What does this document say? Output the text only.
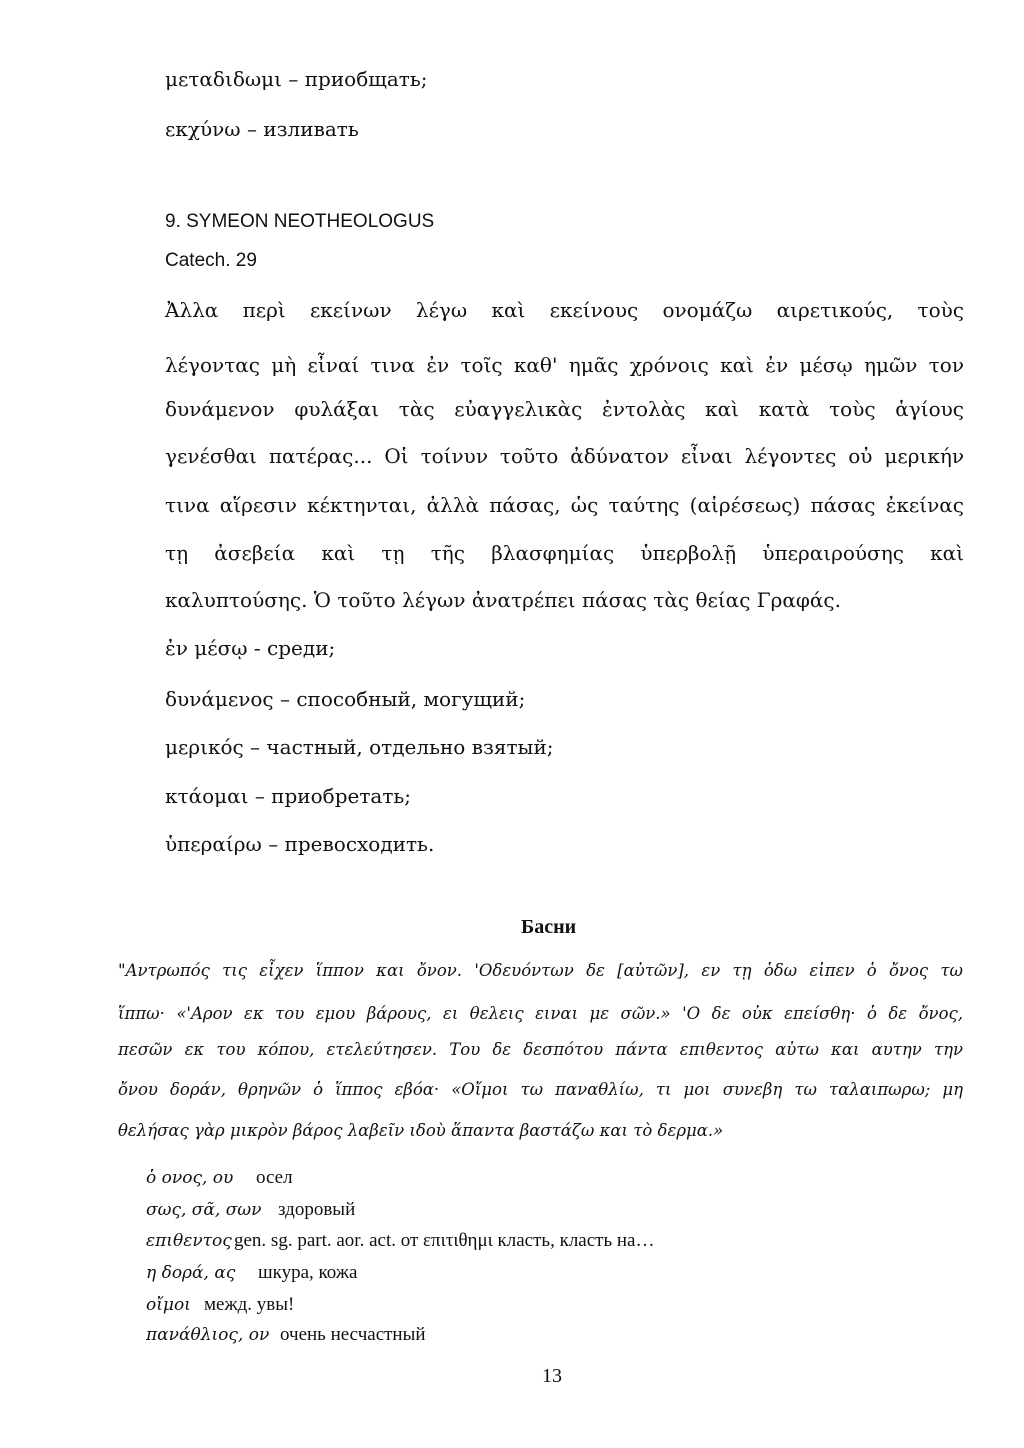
μεταδιδωμι – приобщать;
εκχύνω – изливать
9. SYMEON NEOTHEOLOGUS
Catech. 29
Ἀλλα περὶ εκείνων λέγω καὶ εκείνους ονομάζω αιρετικούς, τοὺς
λέγοντας μὴ εἶναί τινα ἐν τοῖς καθ' ημᾶς χρόνοις καὶ ἐν μέσῳ ημῶν τον
δυνάμενον φυλάξαι τὰς εὐαγγελικὰς ἐντολὰς καὶ κατὰ τοὺς ἁγίους
γενέσθαι πατέρας... Οἱ τοίνυν τοῦτο ἀδύνατον εἶναι λέγοντες οὐ μερικήν
τινα αἵρεσιν κέκτηνται, ἀλλὰ πάσας, ὡς ταύτης (αἱρέσεως) πάσας ἐκείνας
τῃ ἀσεβεία καὶ τῃ τῆς βλασφημίας ὑπερβολῇ ὑπεραιρούσης καὶ
καλυπτούσης. Ὁ τοῦτο λέγων ἀνατρέπει πάσας τὰς θείας Γραφάς.
ἐν μέσῳ - среди;
δυνάμενος – способный, могущий;
μερικός – частный, отдельно взятый;
κτάομαι – приобретать;
ὑπεραίρω – превосходить.
Басни
"Αντρωπός τις εἶχεν ἵππον και ὄνον. 'Οδευόντων δε [αὐτῶν], εν τῃ ὁδω εἰπεν ὁ ὄνος τω
ἵππω· «'Αρον εκ του εμου βάρους, ει θελεις ειναι με σῶν.» 'Ο δε οὐκ επείσθη· ὁ δε ὄνος,
πεσῶν εκ του κόπου, ετελεύτησεν. Του δε δεσπότου πάντα επιθεντος αὐτω και αυτην την
ὄνου δοράν, θρηνῶν ὁ ἵππος εβόα· «Οἴμοι τω παναθλίω, τι μοι συνεβη τω ταλαιπωρω; μη
θελήσας γὰρ μικρὸν βάρος λαβεῖν ιδοὺ ἅπαντα βαστάζω και τὸ δερμα.»
ὁ ονος, ου осел
σως, σᾶ, σων здоровый
επιθεντος gen. sg. part. aor. act. от επιτιθημι класть, класть на…
η δορά, ας шкура, кожа
οἴμοι межд. увы!
πανάθλιος, ον очень несчастный
13
